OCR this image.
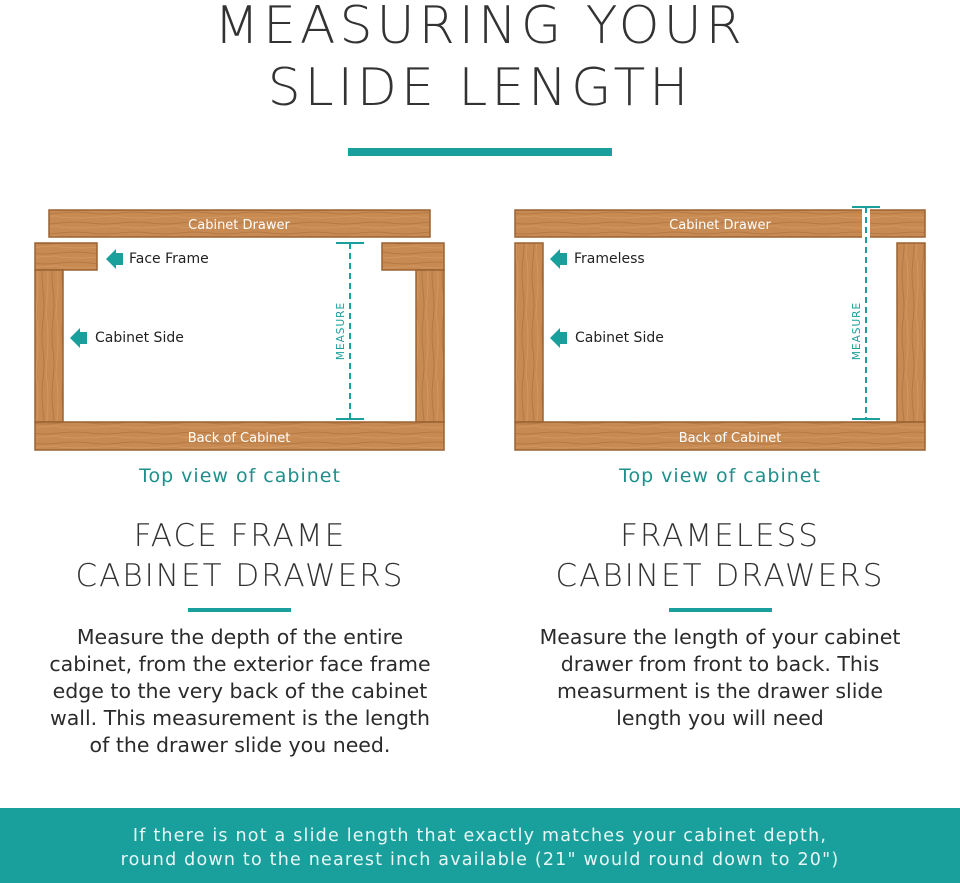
MEASURING YOUR
SLIDE LENGTH
Cabinet Drawer
Back of Cabinet
Face Frame
Cabinet Side	MEASURE
Cabinet Drawer
Back of Cabinet
Frameless
Cabinet Side	MEASURE
Top view of cabinet	Top view of cabinet
FACE FRAME
CABINET DRAWERS
FRAMELESS
CABINET DRAWERS
Measure the depth of the entire
cabinet, from the exterior face frame
edge to the very back of the cabinet
wall. This measurement is the length
of the drawer slide you need.
Measure the length of your cabinet
drawer from front to back. This
measurment is the drawer slide
length you will need
If there is not a slide length that exactly matches your cabinet depth,
round down to the nearest inch available (21" would round down to 20")
